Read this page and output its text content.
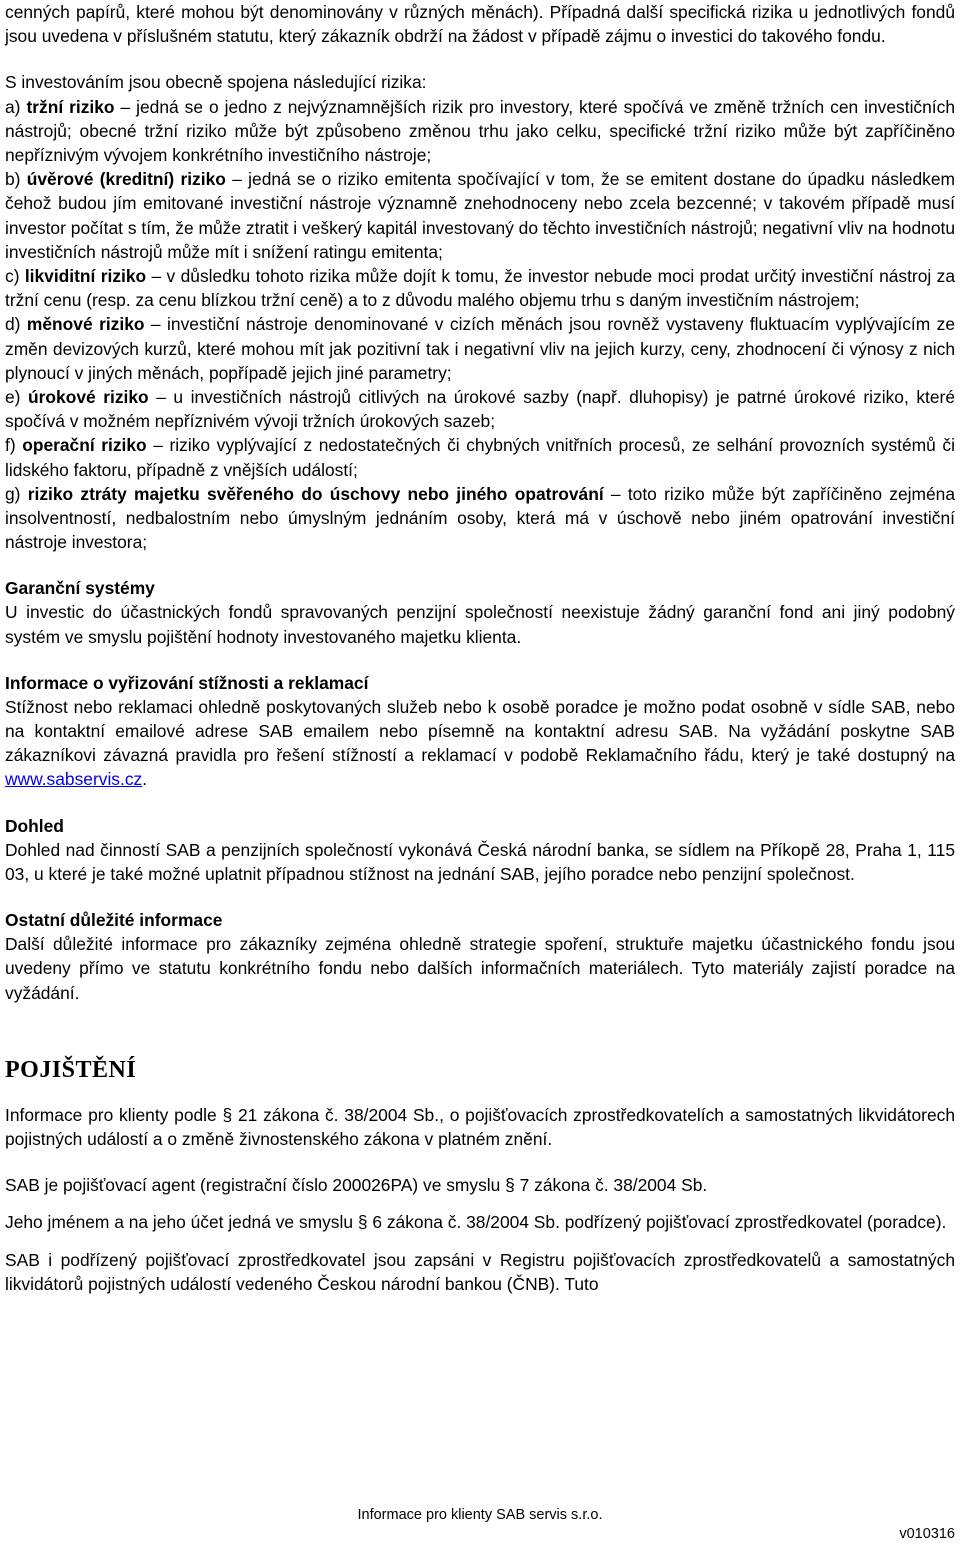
cenných papírů, které mohou být denominovány v různých měnách). Případná další specifická rizika u jednotlivých fondů jsou uvedena v příslušném statutu, který zákazník obdrží na žádost v případě zájmu o investici do takového fondu.

S investováním jsou obecně spojena následující rizika:

a) tržní riziko – jedná se o jedno z nejvýznamnějších rizik pro investory, které spočívá ve změně tržních cen investičních nástrojů; obecné tržní riziko může být způsobeno změnou trhu jako celku, specifické tržní riziko může být zapříčiněno nepříznivým vývojem konkrétního investičního nástroje;

b) úvěrové (kreditní) riziko – jedná se o riziko emitenta spočívající v tom, že se emitent dostane do úpadku následkem čehož budou jím emitované investiční nástroje významně znehodnoceny nebo zcela bezcenné; v takovém případě musí investor počítat s tím, že může ztratit i veškerý kapitál investovaný do těchto investičních nástrojů; negativní vliv na hodnotu investičních nástrojů může mít i snížení ratingu emitenta;

c) likviditní riziko – v důsledku tohoto rizika může dojít k tomu, že investor nebude moci prodat určitý investiční nástroj za tržní cenu (resp. za cenu blízkou tržní ceně) a to z důvodu malého objemu trhu s daným investičním nástrojem;

d) měnové riziko – investiční nástroje denominované v cizích měnách jsou rovněž vystaveny fluktuacím vyplývajícím ze změn devizových kurzů, které mohou mít jak pozitivní tak i negativní vliv na jejich kurzy, ceny, zhodnocení či výnosy z nich plynoucí v jiných měnách, popřípadě jejich jiné parametry;

e) úrokové riziko – u investičních nástrojů citlivých na úrokové sazby (např. dluhopisy) je patrné úrokové riziko, které spočívá v možném nepříznivém vývoji tržních úrokových sazeb;

f) operační riziko – riziko vyplývající z nedostatečných či chybných vnitřních procesů, ze selhání provozních systémů či lidského faktoru, případně z vnějších událostí;

g) riziko ztráty majetku svěřeného do úschovy nebo jiného opatrování – toto riziko může být zapříčiněno zejména insolventností, nedbalostním nebo úmyslným jednáním osoby, která má v úschově nebo jiném opatrování investiční nástroje investora;

Garanční systémy

U investic do účastnických fondů spravovaných penzijní společností neexistuje žádný garanční fond ani jiný podobný systém ve smyslu pojištění hodnoty investovaného majetku klienta.

Informace o vyřizování stížnosti a reklamací

Stížnost nebo reklamaci ohledně poskytovaných služeb nebo k osobě poradce je možno podat osobně v sídle SAB, nebo na kontaktní emailové adrese SAB emailem nebo písemně na kontaktní adresu SAB. Na vyžádání poskytne SAB zákazníkovi závazná pravidla pro řešení stížností a reklamací v podobě Reklamačního řádu, který je také dostupný na www.sabservis.cz.

Dohled

Dohled nad činností SAB a penzijních společností vykonává Česká národní banka, se sídlem na Příkopě 28, Praha 1, 115 03, u které je také možné uplatnit případnou stížnost na jednání SAB, jejího poradce nebo penzijní společnost.

Ostatní důležité informace

Další důležité informace pro zákazníky zejména ohledně strategie spoření, struktuře majetku účastnického fondu jsou uvedeny přímo ve statutu konkrétního fondu nebo dalších informačních materiálech. Tyto materiály zajistí poradce na vyžádání.

POJIŠTĚNÍ

Informace pro klienty podle § 21 zákona č. 38/2004 Sb., o pojišťovacích zprostředkovatelích a samostatných likvidátorech pojistných událostí a o změně živnostenského zákona v platném znění.

SAB je pojišťovací agent (registrační číslo 200026PA) ve smyslu § 7 zákona č. 38/2004 Sb.

Jeho jménem a na jeho účet jedná ve smyslu § 6 zákona č. 38/2004 Sb. podřízený pojišťovací zprostředkovatel (poradce).

SAB i podřízený pojišťovací zprostředkovatel jsou zapsáni v Registru pojišťovacích zprostředkovatelů a samostatných likvidátorů pojistných událostí vedeného Českou národní bankou (ČNB). Tuto

Informace pro klienty SAB servis s.r.o.
v010316
